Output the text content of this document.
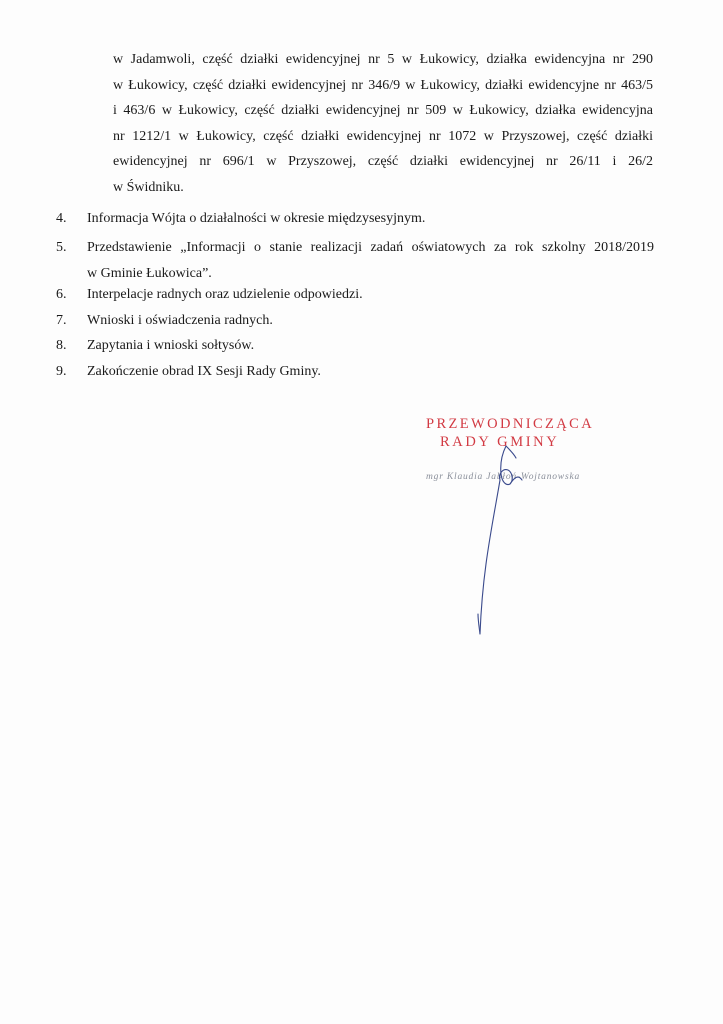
w Jadamwoli, część działki ewidencyjnej nr 5 w Łukowicy, działka ewidencyjna nr 290
w Łukowicy, część działki ewidencyjnej nr 346/9 w Łukowicy, działki ewidencyjne nr 463/5
i 463/6 w Łukowicy, część działki ewidencyjnej nr 509 w Łukowicy, działka ewidencyjna
nr 1212/1 w Łukowicy, część działki ewidencyjnej nr 1072 w Przyszowej, część działki
ewidencyjnej nr 696/1 w Przyszowej, część działki ewidencyjnej nr 26/11 i 26/2
w Świdniku.
4.	Informacja Wójta o działalności w okresie międzysesyjnym.
5.	Przedstawienie „Informacji o stanie realizacji zadań oświatowych za rok szkolny 2018/2019
w Gminie Łukowica”.
6.	Interpelacje radnych oraz udzielenie odpowiedzi.
7.	Wnioski i oświadczenia radnych.
8.	Zapytania i wnioski sołtysów.
9.	Zakończenie obrad IX Sesji Rady Gminy.
PRZEWODNICZĄCA
RADY GMINY
mgr Klaudia Jabłoń-Wojtanowska
